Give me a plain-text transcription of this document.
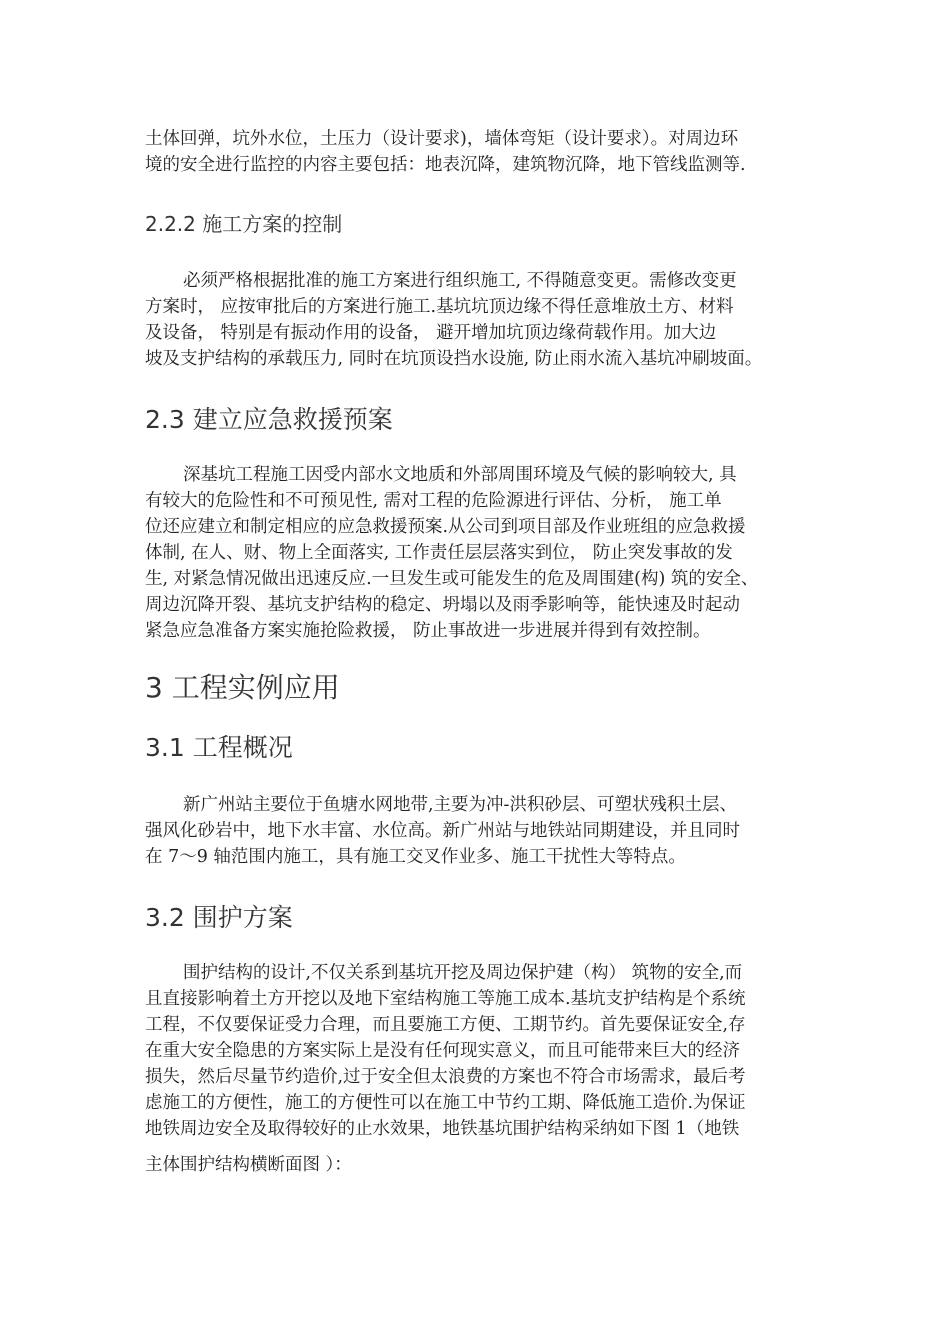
土体回弹，坑外水位，土压力（设计要求)，墙体弯矩（设计要求）。对周边环
境的安全进行监控的内容主要包括：地表沉降，建筑物沉降，地下管线监测等.
2.2.2 施工方案的控制
必须严格根据批准的施工方案进行组织施工, 不得随意变更。需修改变更
方案时， 应按审批后的方案进行施工.基坑坑顶边缘不得任意堆放土方、材料
及设备， 特别是有振动作用的设备， 避开增加坑顶边缘荷载作用。加大边
坡及支护结构的承载压力, 同时在坑顶设挡水设施, 防止雨水流入基坑冲刷坡面。
2.3 建立应急救援预案
深基坑工程施工因受内部水文地质和外部周围环境及气候的影响较大, 具
有较大的危险性和不可预见性, 需对工程的危险源进行评估、分析， 施工单
位还应建立和制定相应的应急救援预案.从公司到项目部及作业班组的应急救援
体制, 在人、财、物上全面落实, 工作责任层层落实到位， 防止突发事故的发
生, 对紧急情况做出迅速反应.一旦发生或可能发生的危及周围建(构) 筑的安全、
周边沉降开裂、基坑支护结构的稳定、坍塌以及雨季影响等，能快速及时起动
紧急应急准备方案实施抢险救援， 防止事故进一步进展并得到有效控制。
3 工程实例应用
3.1 工程概况
新广州站主要位于鱼塘水网地带,主要为冲-洪积砂层、可塑状残积土层、
强风化砂岩中，地下水丰富、水位高。新广州站与地铁站同期建设，并且同时
在 7～9 轴范围内施工，具有施工交叉作业多、施工干扰性大等特点。
3.2 围护方案
围护结构的设计,不仅关系到基坑开挖及周边保护建（构） 筑物的安全,而
且直接影响着土方开挖以及地下室结构施工等施工成本.基坑支护结构是个系统
工程，不仅要保证受力合理，而且要施工方便、工期节约。首先要保证安全,存
在重大安全隐患的方案实际上是没有任何现实意义，而且可能带来巨大的经济
损失，然后尽量节约造价,过于安全但太浪费的方案也不符合市场需求，最后考
虑施工的方便性，施工的方便性可以在施工中节约工期、降低施工造价.为保证
地铁周边安全及取得较好的止水效果，地铁基坑围护结构采纳如下图 1（地铁
主体围护结构横断面图 ）：
